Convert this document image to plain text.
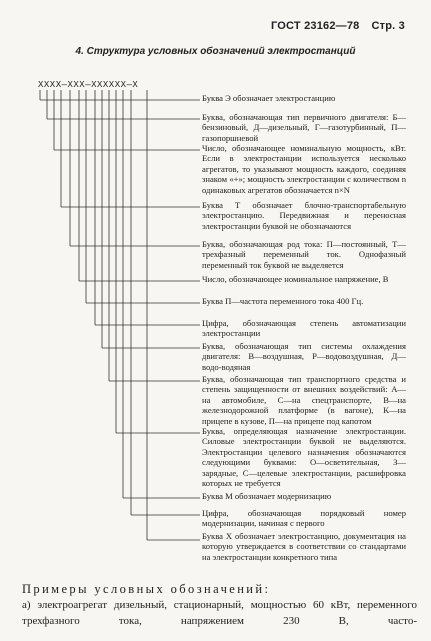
ГОСТ 23162—78 Стр. 3
4. Структура условных обозначений электростанций
XXXX—XXX—XXXXXX—X
Буква Э обозначает электростанцию
Буква, обозначающая тип первичного двигателя: Б—бензиновый, Д—дизельный, Г—газотурбинный, П—газопоршневой
Число, обозначающее номинальную мощность, кВт. Если в электростанции используется несколько агрегатов, то указывают мощность каждого, соединяя знаком «+»; мощность электростанции с количеством n одинаковых агрегатов обозначается n×N
Буква Т обозначает блочно-транспортабельную электростанцию. Передвижная и переносная электростанции буквой не обозначаются
Буква, обозначающая род тока: П—постоянный, Т—трехфазный переменный ток. Однофазный переменный ток буквой не выделяется
Число, обозначающее номинальное напряжение, В
Буква П—частота переменного тока 400 Гц.
Цифра, обозначающая степень автоматизации электростанции
Буква, обозначающая тип системы охлаждения двигателя: В—воздушная, Р—водовоздушная, Д—водо-водяная
Буква, обозначающая тип транспортного средства и степень защищенности от внешних воздействий: А—на автомобиле, С—на спецтранспорте, В—на железнодорожной платформе (в вагоне), К—на прицепе в кузове, П—на прицепе под капотом
Буква, определяющая назначение электростанции. Силовые электростанции буквой не выделяются. Электростанции целевого назначения обозначаются следующими буквами: О—осветительная, З—зарядные, С—целевые электростанции, расшифровка которых не требуется
Буква М обозначает модернизацию
Цифра, обозначающая порядковый номер модернизации, начиная с первого
Буква Х обозначает электростанцию, документация на которую утверждается в соответствии со стандартами на электростанции конкретного типа
Примеры условных обозначений:
а) электроагрегат дизельный, стационарный, мощностью 60 кВт, переменного трехфазного тока, напряжением 230 В, часто-
